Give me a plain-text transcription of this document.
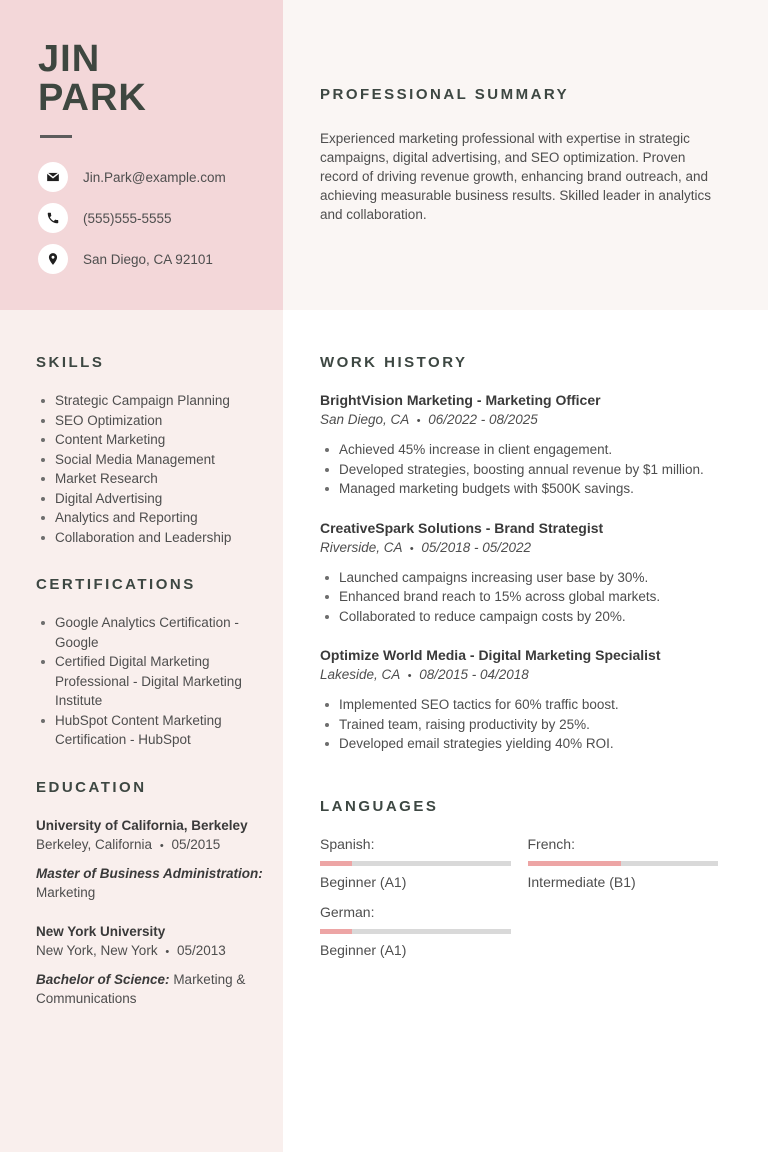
JIN
PARK
Jin.Park@example.com
(555)555-5555
San Diego, CA 92101
PROFESSIONAL SUMMARY

Experienced marketing professional with expertise in strategic campaigns, digital advertising, and SEO optimization. Proven record of driving revenue growth, enhancing brand outreach, and achieving measurable business results. Skilled leader in analytics and collaboration.

SKILLS
Strategic Campaign Planning
SEO Optimization
Content Marketing
Social Media Management
Market Research
Digital Advertising
Analytics and Reporting
Collaboration and Leadership
CERTIFICATIONS
Google Analytics Certification - Google
Certified Digital Marketing Professional - Digital Marketing Institute
HubSpot Content Marketing Certification - HubSpot
EDUCATION
University of California, Berkeley
Berkeley, California • 05/2015
Master of Business Administration: Marketing
New York University
New York, New York • 05/2013
Bachelor of Science: Marketing & Communications
WORK HISTORY
BrightVision Marketing - Marketing Officer
San Diego, CA • 06/2022 - 08/2025
Achieved 45% increase in client engagement.
Developed strategies, boosting annual revenue by $1 million.
Managed marketing budgets with $500K savings.
CreativeSpark Solutions - Brand Strategist
Riverside, CA • 05/2018 - 05/2022
Launched campaigns increasing user base by 30%.
Enhanced brand reach to 15% across global markets.
Collaborated to reduce campaign costs by 20%.
Optimize World Media - Digital Marketing Specialist
Lakeside, CA • 08/2015 - 04/2018
Implemented SEO tactics for 60% traffic boost.
Trained team, raising productivity by 25%.
Developed email strategies yielding 40% ROI.
LANGUAGES
Spanish:
Beginner (A1)
French:
Intermediate (B1)
German:
Beginner (A1)
